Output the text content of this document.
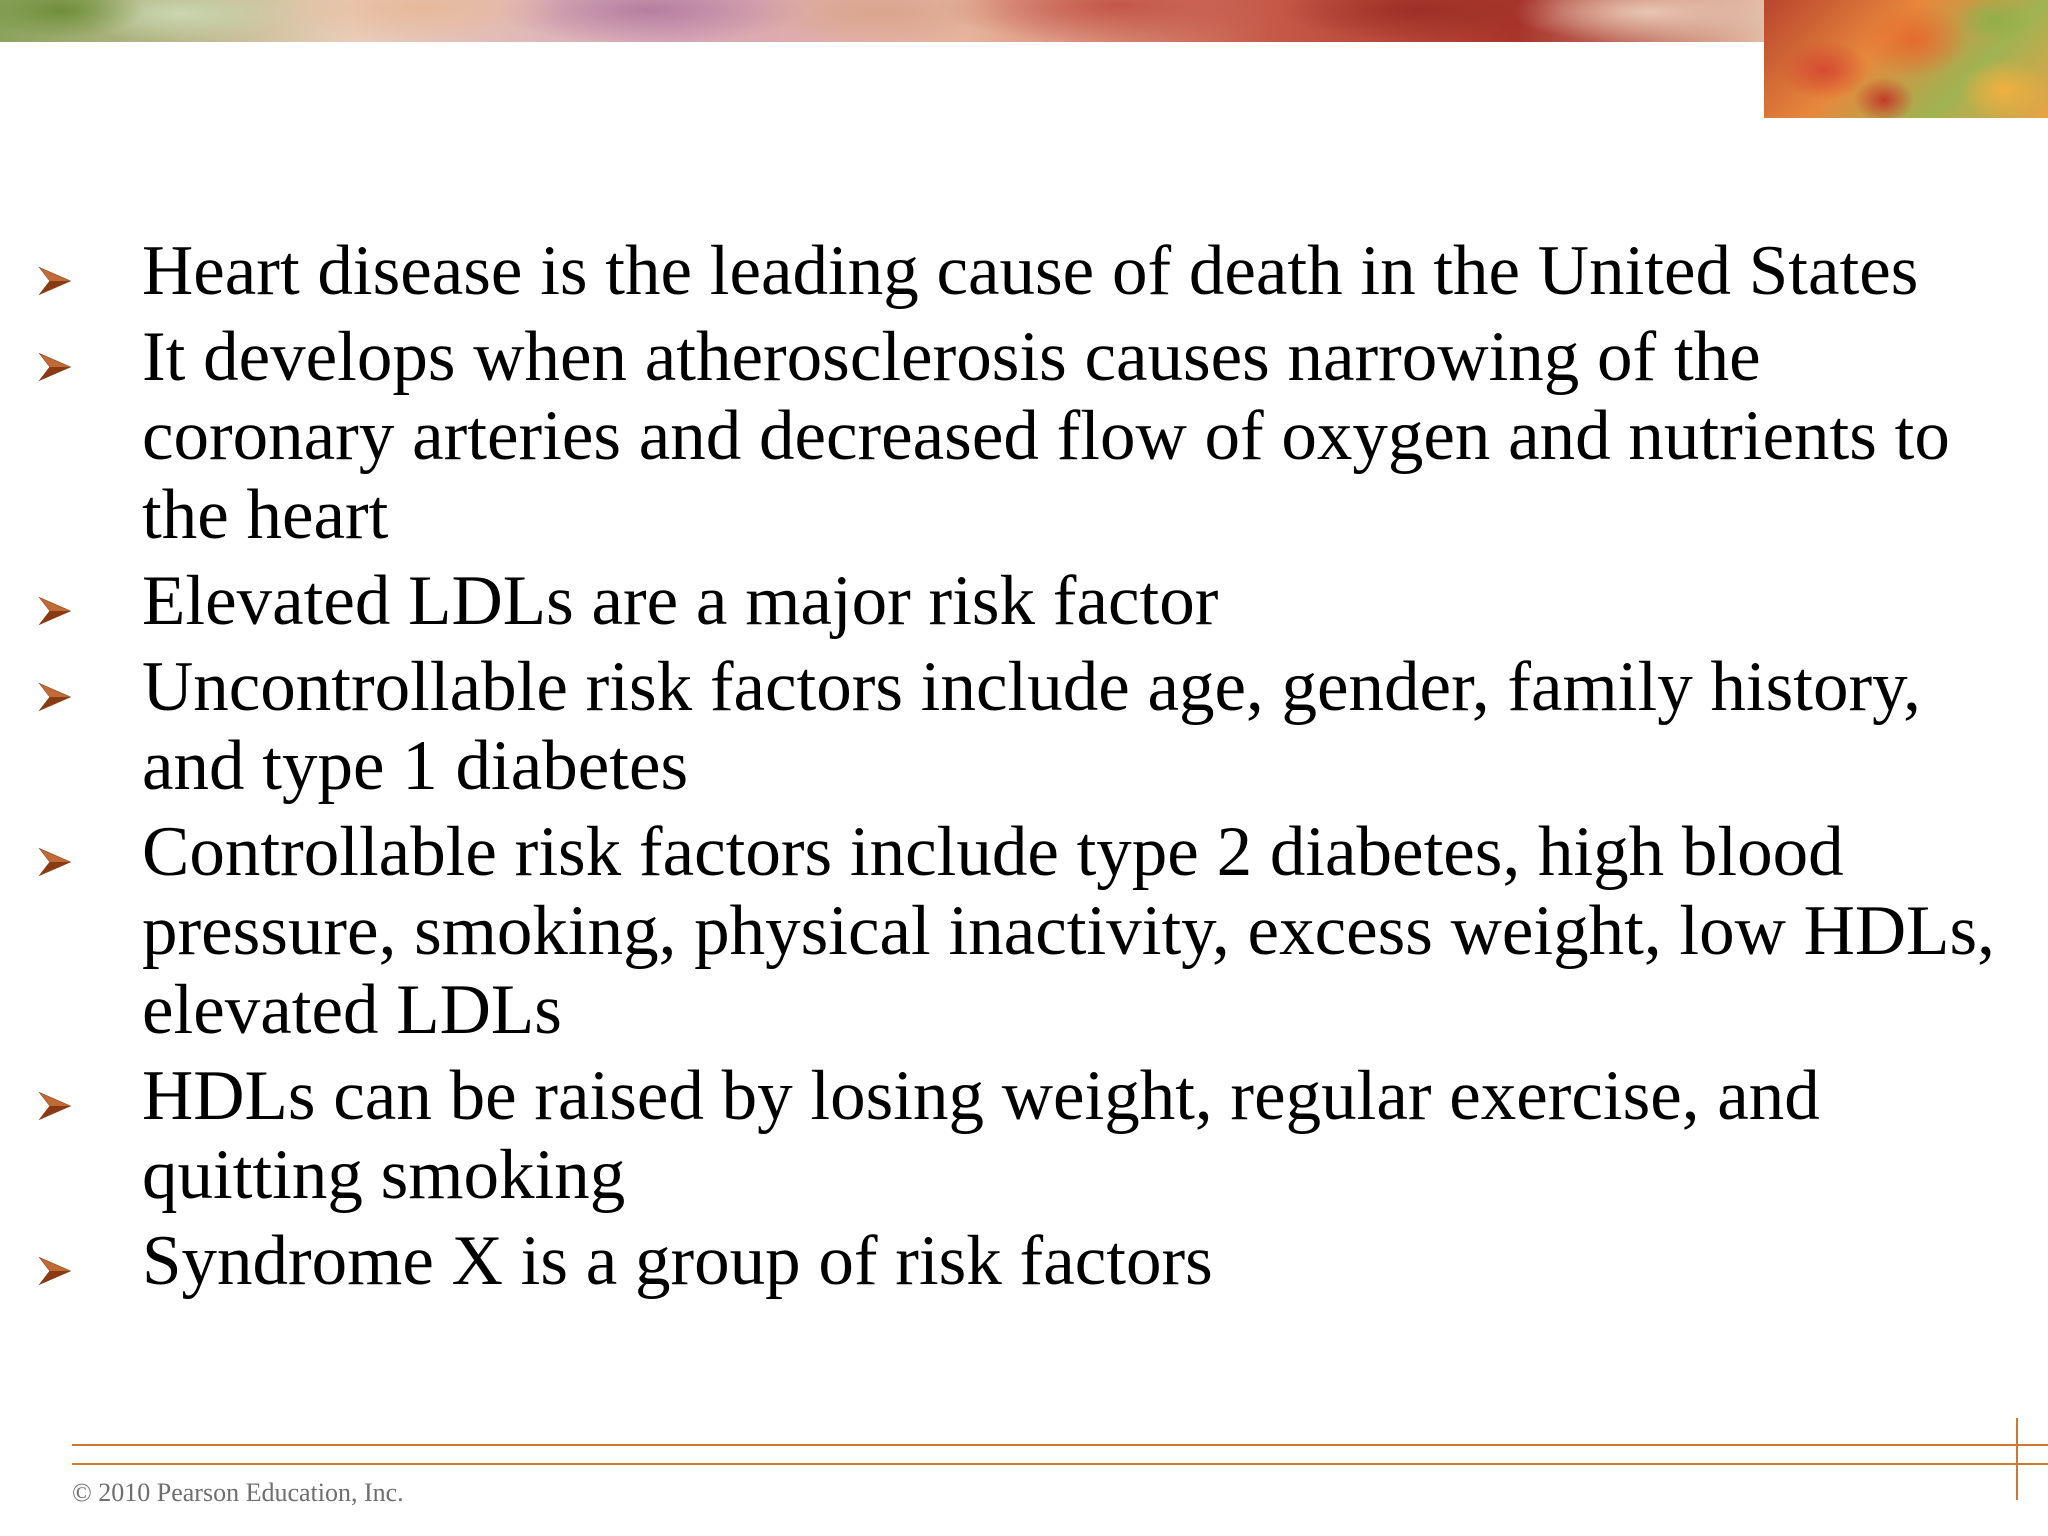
Heart disease is the leading cause of death in the United States
It develops when atherosclerosis causes narrowing of the coronary arteries and decreased flow of oxygen and nutrients to the heart
Elevated LDLs are a major risk factor
Uncontrollable risk factors include age, gender, family history, and type 1 diabetes
Controllable risk factors include type 2 diabetes, high blood pressure, smoking, physical inactivity, excess weight, low HDLs, elevated LDLs
HDLs can be raised by losing weight, regular exercise, and quitting smoking
Syndrome X is a group of risk factors
© 2010 Pearson Education, Inc.
